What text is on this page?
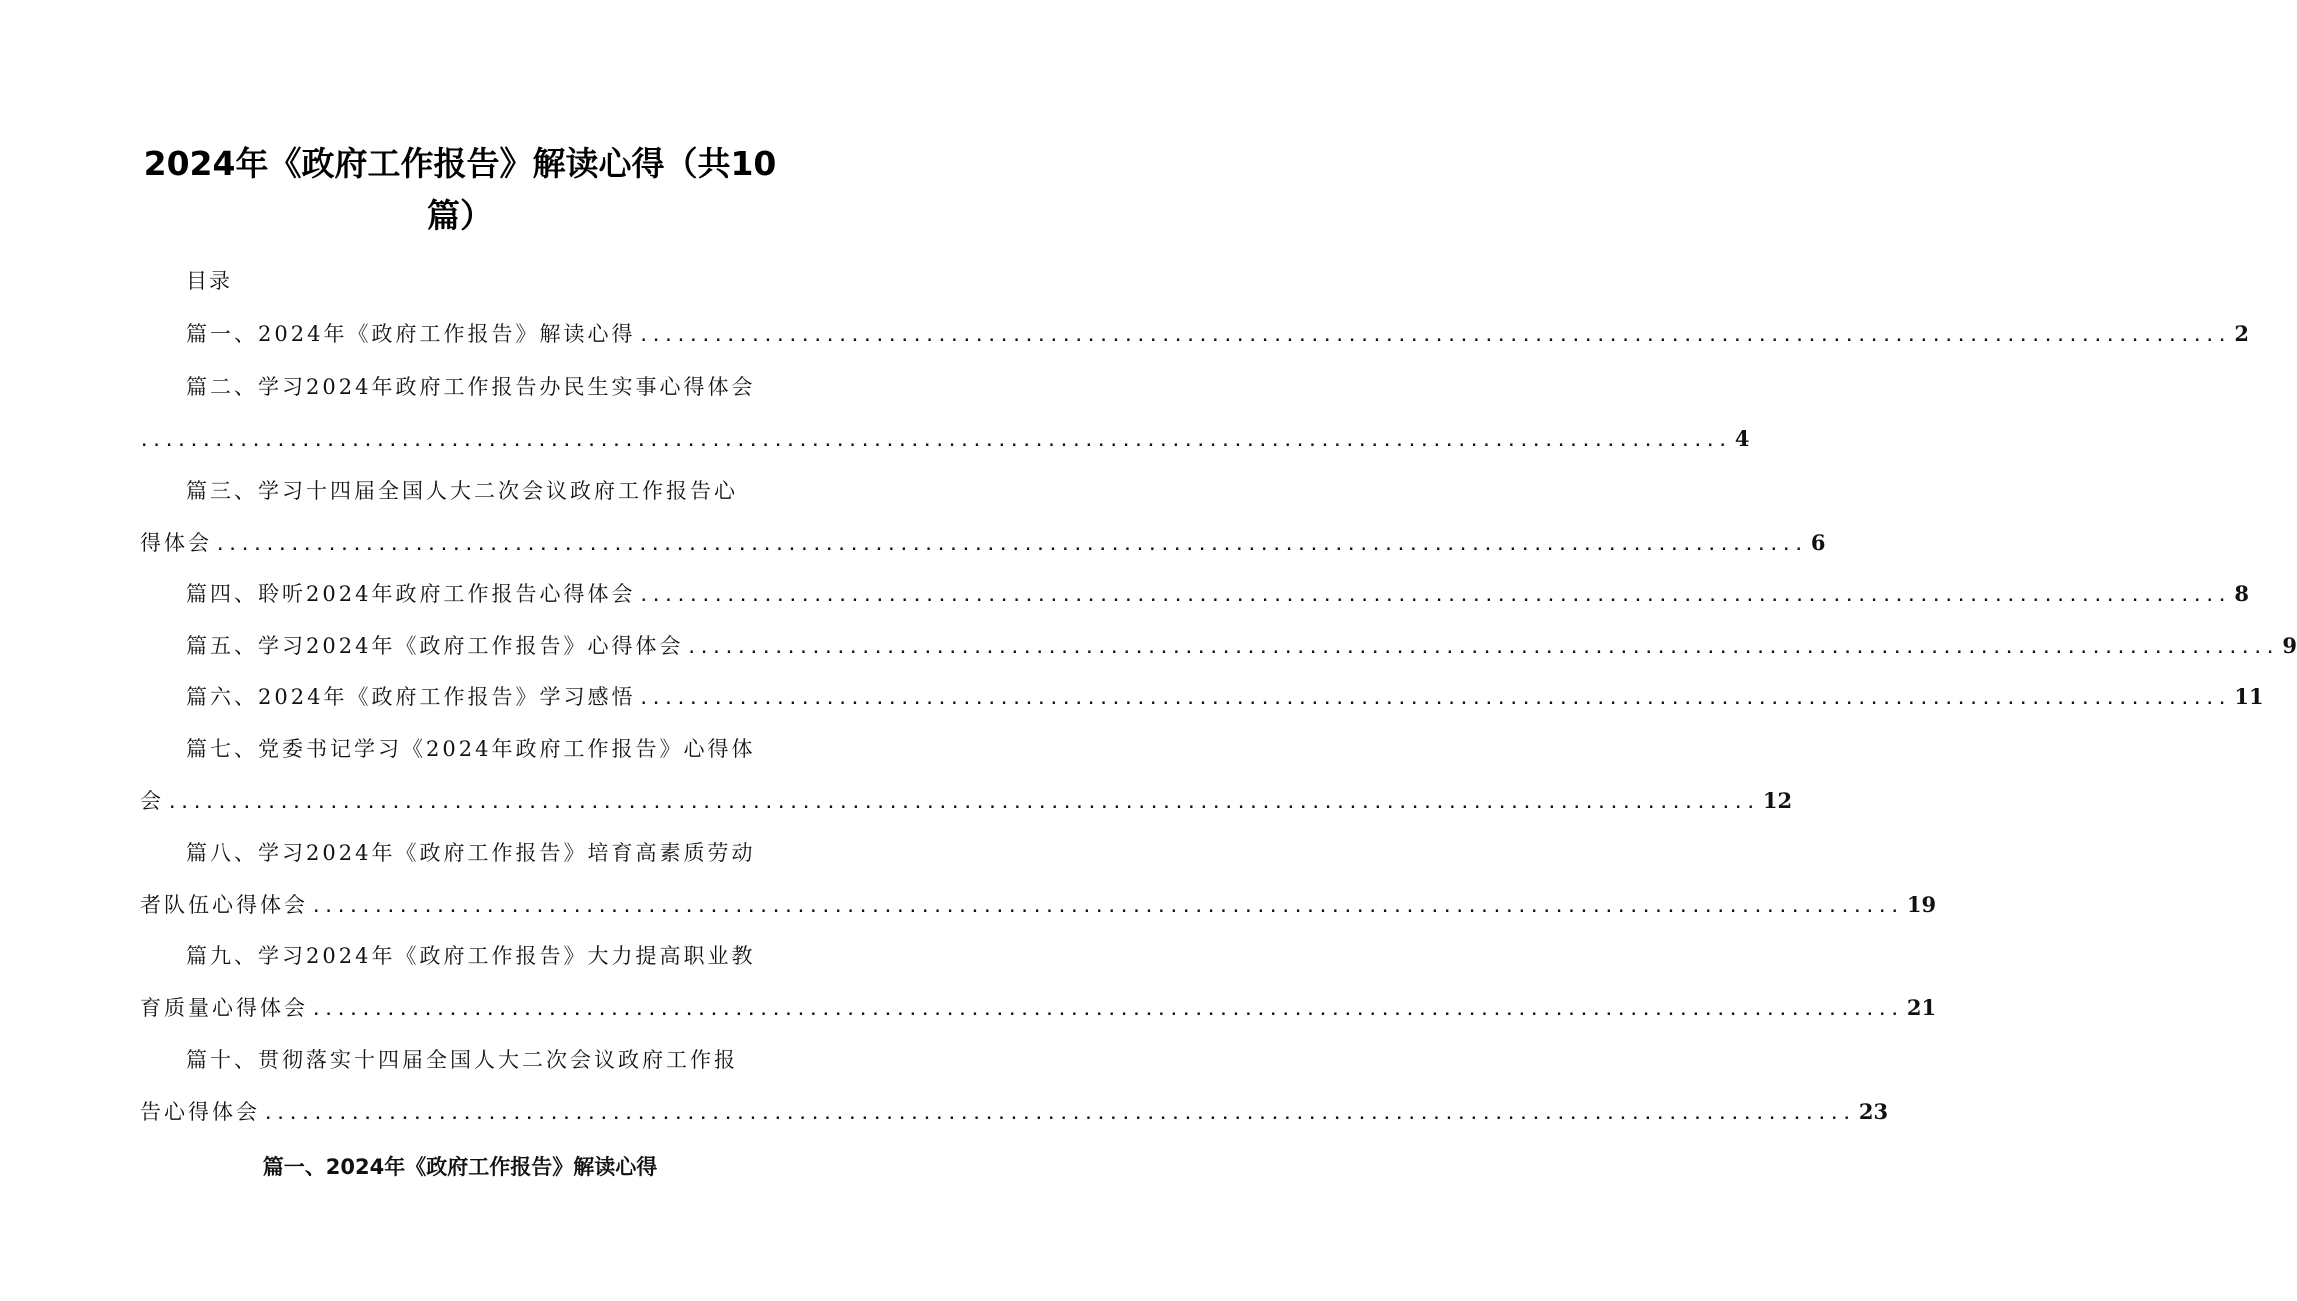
2024年《政府工作报告》解读心得（共10
篇）
目录
篇一、2024年《政府工作报告》解读心得 ................................................................................................................................ 2
篇二、学习2024年政府工作报告办民生实事心得体会
................................................................................................................................ 4
篇三、学习十四届全国人大二次会议政府工作报告心
得体会 ................................................................................................................................ 6
篇四、聆听2024年政府工作报告心得体会 ................................................................................................................................ 8
篇五、学习2024年《政府工作报告》心得体会 ................................................................................................................................ 9
篇六、2024年《政府工作报告》学习感悟 ................................................................................................................................ 11
篇七、党委书记学习《2024年政府工作报告》心得体
会 ................................................................................................................................ 12
篇八、学习2024年《政府工作报告》培育高素质劳动
者队伍心得体会 ................................................................................................................................ 19
篇九、学习2024年《政府工作报告》大力提高职业教
育质量心得体会 ................................................................................................................................ 21
篇十、贯彻落实十四届全国人大二次会议政府工作报
告心得体会 ................................................................................................................................ 23
篇一、2024年《政府工作报告》解读心得
